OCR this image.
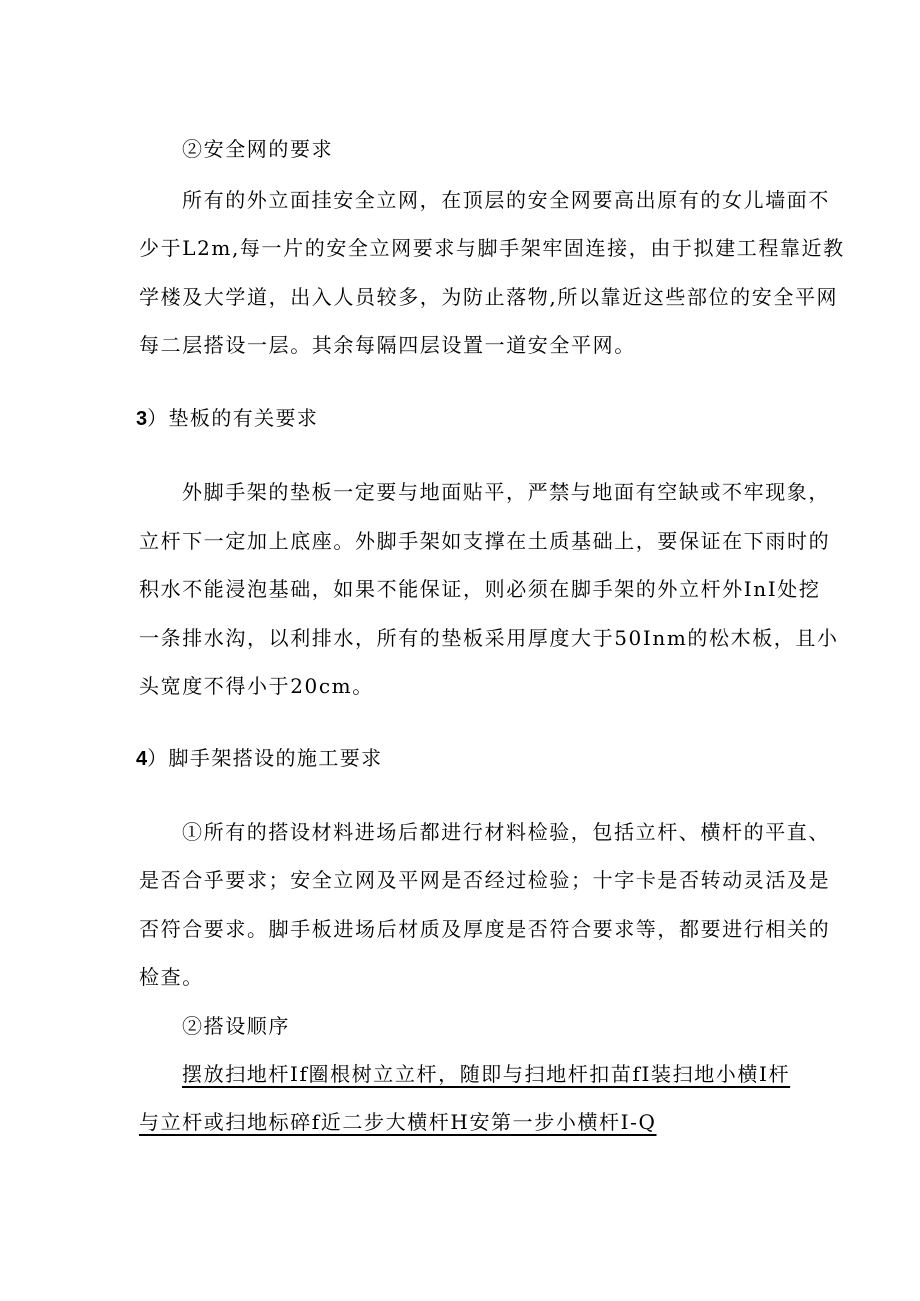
②安全网的要求
所有的外立面挂安全立网，在顶层的安全网要高出原有的女儿墙面不
少于L2m,每一片的安全立网要求与脚手架牢固连接，由于拟建工程靠近教
学楼及大学道，出入人员较多，为防止落物,所以靠近这些部位的安全平网
每二层搭设一层。其余每隔四层设置一道安全平网。
3）垫板的有关要求
外脚手架的垫板一定要与地面贴平，严禁与地面有空缺或不牢现象，
立杆下一定加上底座。外脚手架如支撑在土质基础上，要保证在下雨时的
积水不能浸泡基础，如果不能保证，则必须在脚手架的外立杆外InI处挖
一条排水沟，以利排水，所有的垫板采用厚度大于50Inm的松木板，且小
头宽度不得小于20cm。
4）脚手架搭设的施工要求
①所有的搭设材料进场后都进行材料检验，包括立杆、横杆的平直、
是否合乎要求；安全立网及平网是否经过检验；十字卡是否转动灵活及是
否符合要求。脚手板进场后材质及厚度是否符合要求等，都要进行相关的
检查。
②搭设顺序
摆放扫地杆If圈根树立立杆，随即与扫地杆扣苗fI装扫地小横I杆
与立杆或扫地标碎f近二步大横杆H安第一步小横杆I-Q
